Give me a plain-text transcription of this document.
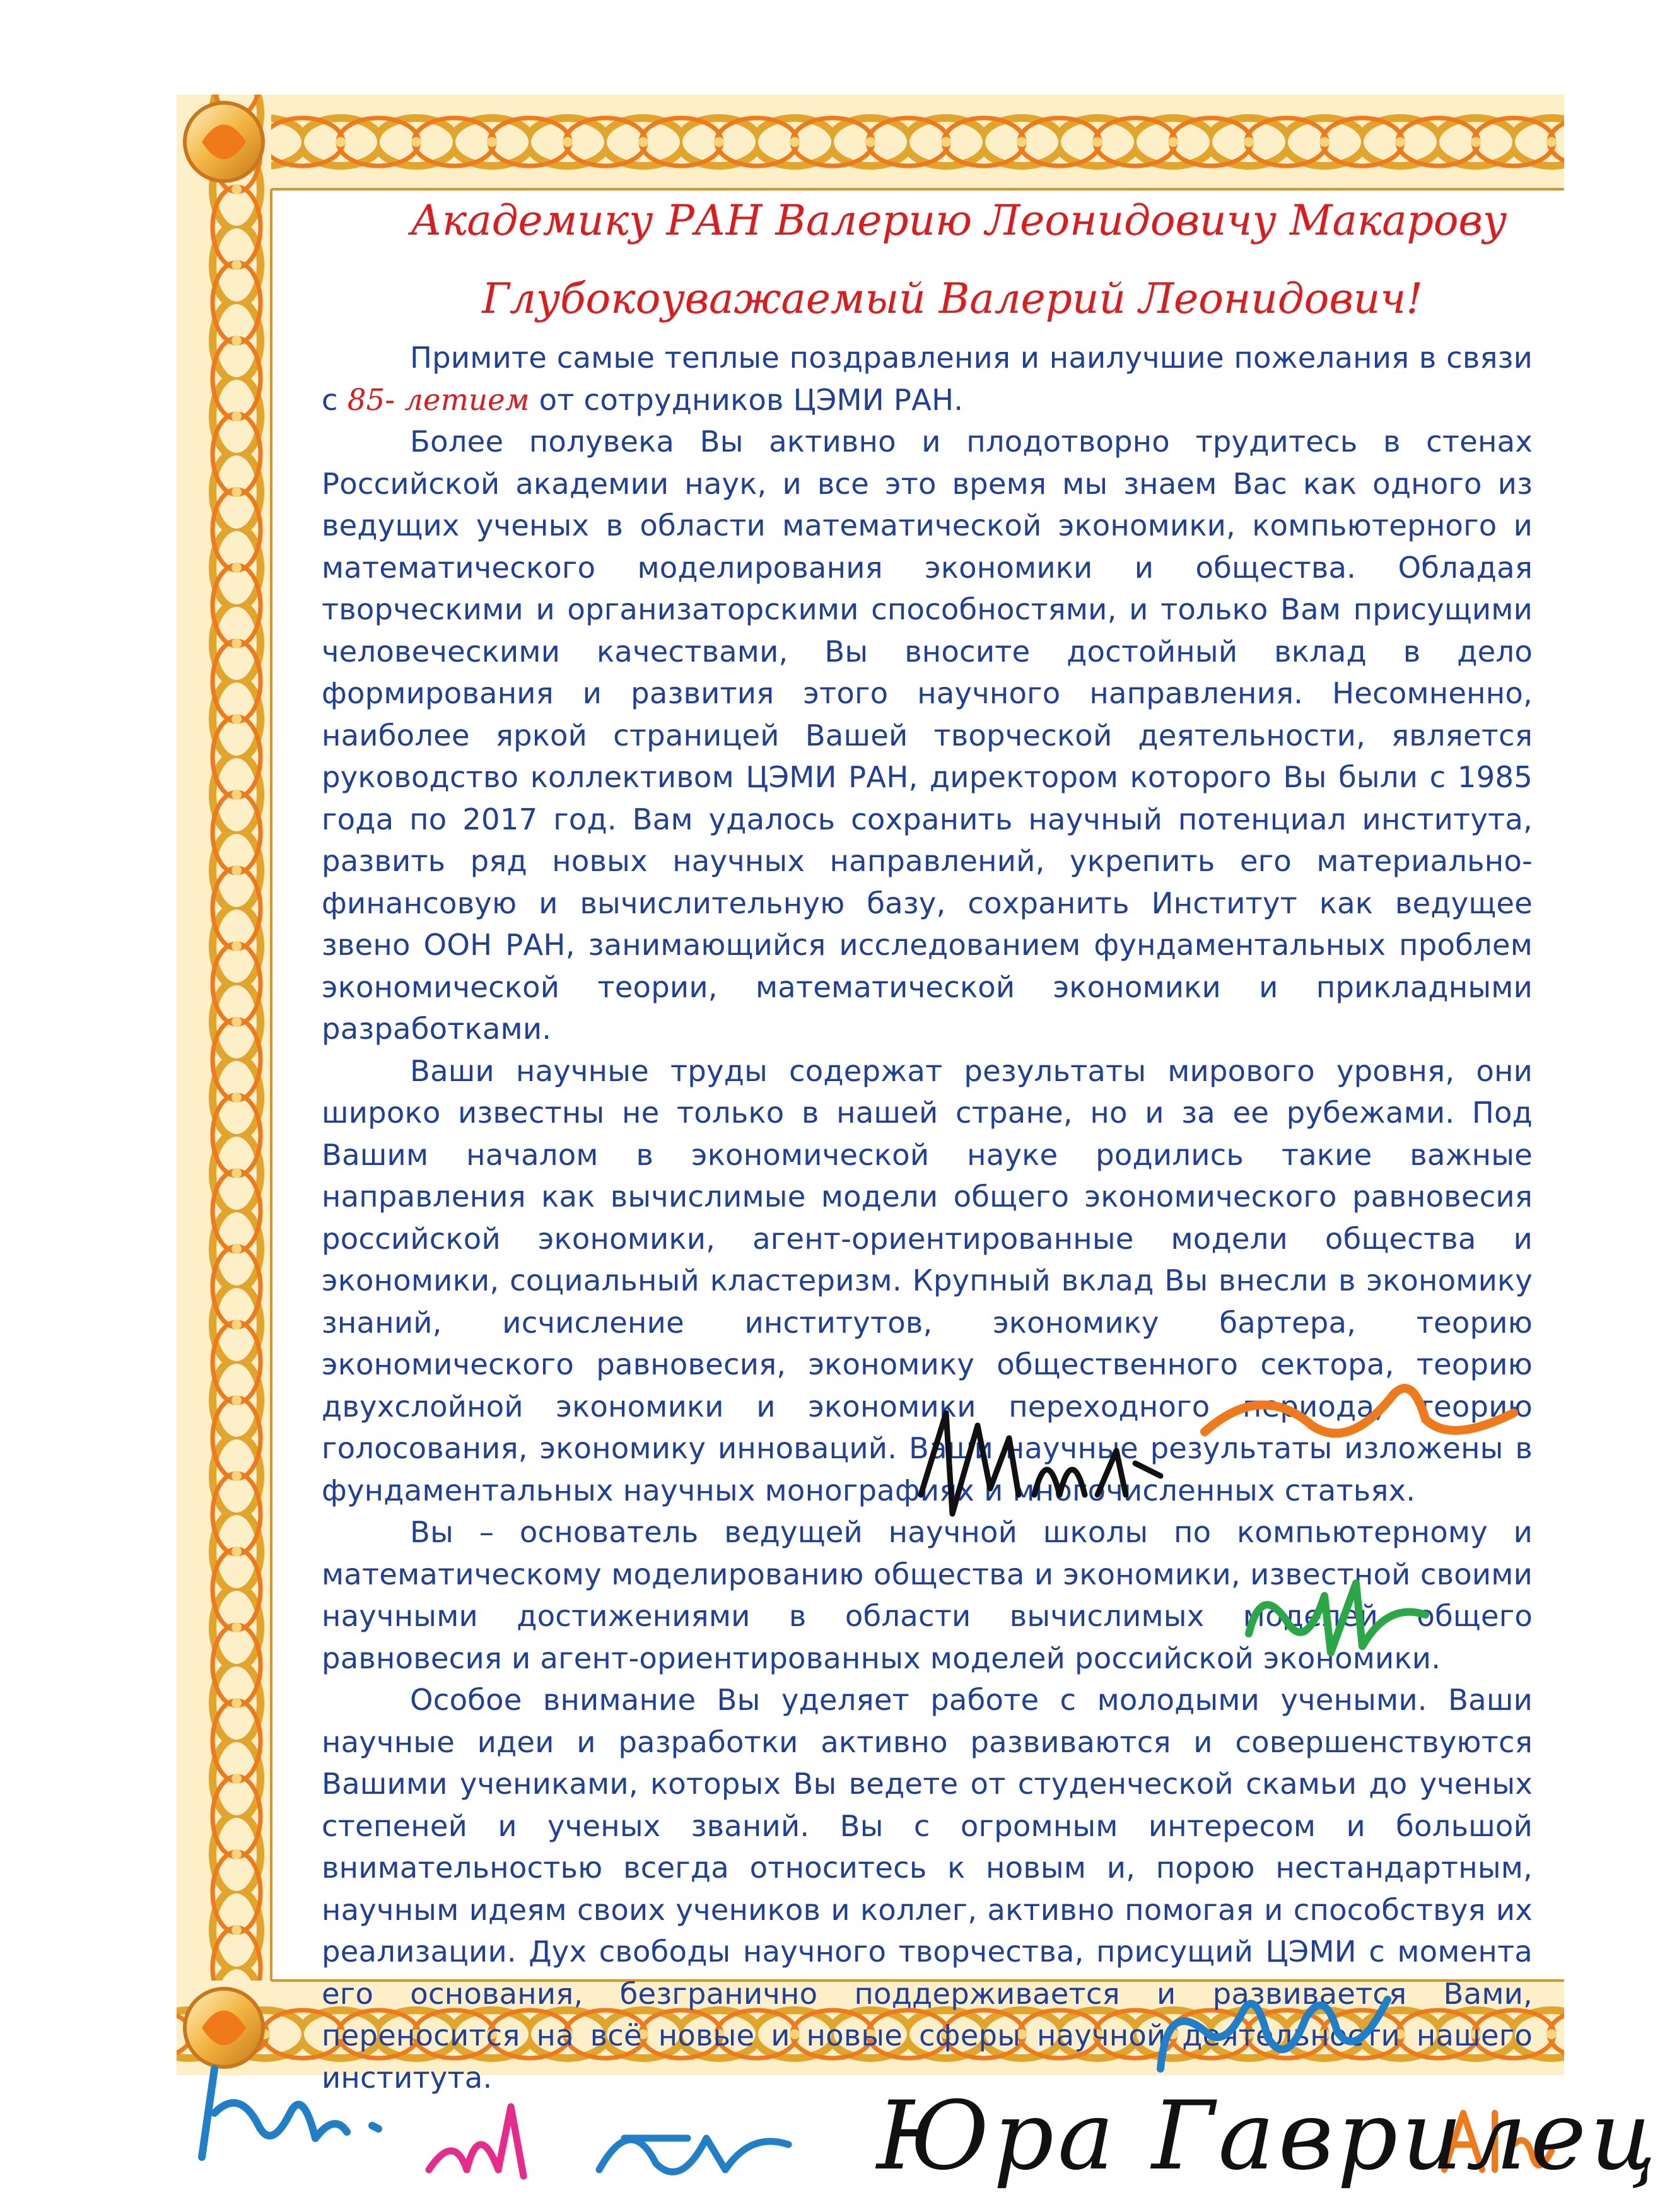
Академику РАН Валерию Леонидовичу Макарову
Глубокоуважаемый Валерий Леонидович!

Примите самые теплые поздравления и наилучшие пожелания в связи с 85- летием от сотрудников ЦЭМИ РАН.

Более полувека Вы активно и плодотворно трудитесь в стенах Российской академии наук, и все это время мы знаем Вас как одного из ведущих ученых в области математической экономики, компьютерного и математического моделирования экономики и общества. Обладая творческими и организаторскими способностями, и только Вам присущими человеческими качествами, Вы вносите достойный вклад в дело формирования и развития этого научного направления. Несомненно, наиболее яркой страницей Вашей творческой деятельности, является руководство коллективом ЦЭМИ РАН, директором которого Вы были с 1985 года по 2017 год. Вам удалось сохранить научный потенциал института, развить ряд новых научных направлений, укрепить его материально-финансовую и вычислительную базу, сохранить Институт как ведущее звено ООН РАН, занимающийся исследованием фундаментальных проблем экономической теории, математической экономики и прикладными разработками.

Ваши научные труды содержат результаты мирового уровня, они широко известны не только в нашей стране, но и за ее рубежами. Под Вашим началом в экономической науке родились такие важные направления как вычислимые модели общего экономического равновесия российской экономики, агент-ориентированные модели общества и экономики, социальный кластеризм. Крупный вклад Вы внесли в экономику знаний, исчисление институтов, экономику бартера, теорию экономического равновесия, экономику общественного сектора, теорию двухслойной экономики и экономики переходного периода, теорию голосования, экономику инноваций. Ваши научные результаты изложены в фундаментальных научных монографиях и многочисленных статьях.

Вы – основатель ведущей научной школы по компьютерному и математическому моделированию общества и экономики, известной своими научными достижениями в области вычислимых моделей общего равновесия и агент-ориентированных моделей российской экономики.

Особое внимание Вы уделяет работе с молодыми учеными. Ваши научные идеи и разработки активно развиваются и совершенствуются Вашими учениками, которых Вы ведете от студенческой скамьи до ученых степеней и ученых званий. Вы с огромным интересом и большой внимательностью всегда относитесь к новым и, порою нестандартным, научным идеям своих учеников и коллег, активно помогая и способствуя их реализации. Дух свободы научного творчества, присущий ЦЭМИ с момента его основания, безгранично поддерживается и развивается Вами, переносится на всё новые и новые сферы научной деятельности нашего института.

Юра Гаврилец
